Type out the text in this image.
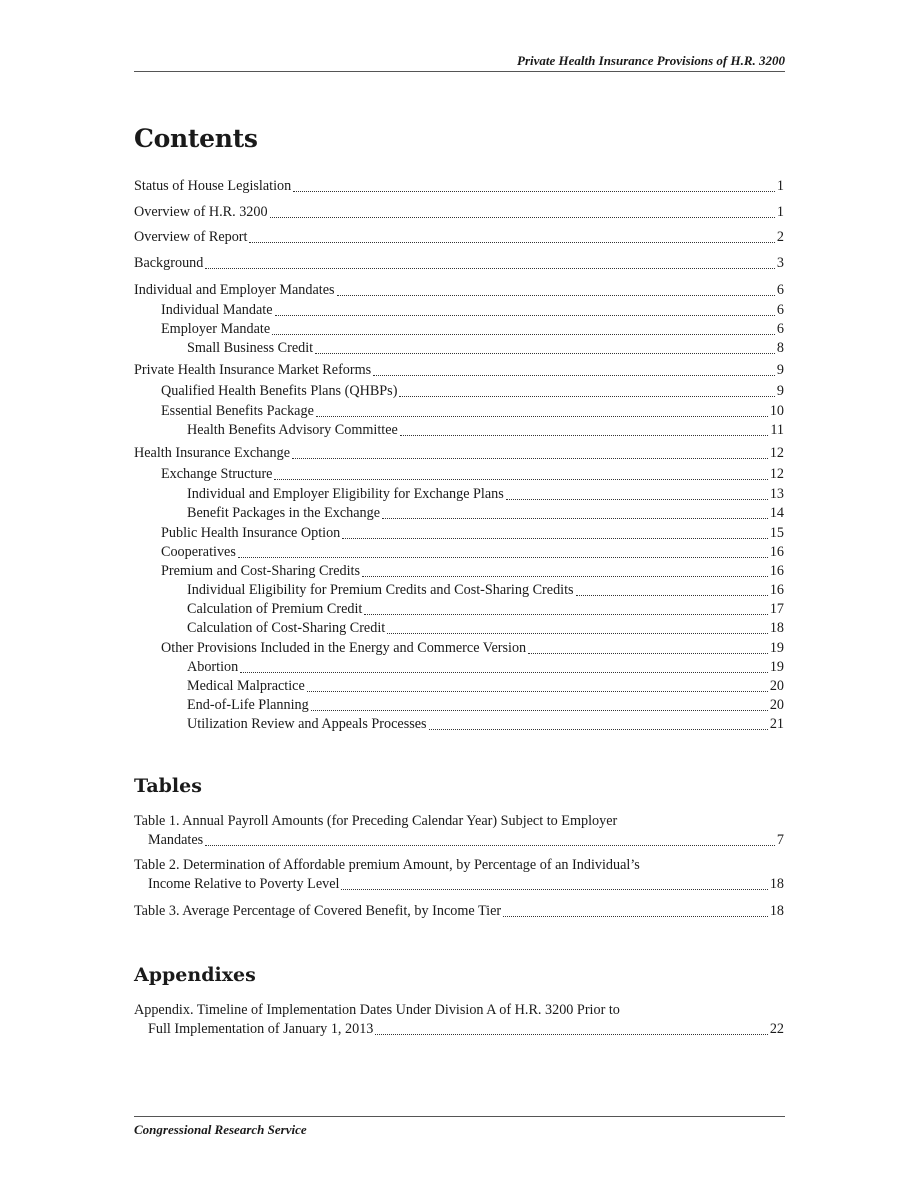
Private Health Insurance Provisions of H.R. 3200
Contents
Status of House Legislation	1
Overview of H.R. 3200	1
Overview of Report	2
Background	3
Individual and Employer Mandates	6
Individual Mandate	6
Employer Mandate	6
Small Business Credit	8
Private Health Insurance Market Reforms	9
Qualified Health Benefits Plans (QHBPs)	9
Essential Benefits Package	10
Health Benefits Advisory Committee	11
Health Insurance Exchange	12
Exchange Structure	12
Individual and Employer Eligibility for Exchange Plans	13
Benefit Packages in the Exchange	14
Public Health Insurance Option	15
Cooperatives	16
Premium and Cost-Sharing Credits	16
Individual Eligibility for Premium Credits and Cost-Sharing Credits	16
Calculation of Premium Credit	17
Calculation of Cost-Sharing Credit	18
Other Provisions Included in the Energy and Commerce Version	19
Abortion	19
Medical Malpractice	20
End-of-Life Planning	20
Utilization Review and Appeals Processes	21
Tables
Table 1. Annual Payroll Amounts (for Preceding Calendar Year) Subject to Employer
Mandates	7
Table 2. Determination of Affordable premium Amount, by Percentage of an Individual’s
Income Relative to Poverty Level	18
Table 3. Average Percentage of Covered Benefit, by Income Tier	18
Appendixes
Appendix. Timeline of Implementation Dates Under Division A of H.R. 3200 Prior to
Full Implementation of January 1, 2013	22
Congressional Research Service
